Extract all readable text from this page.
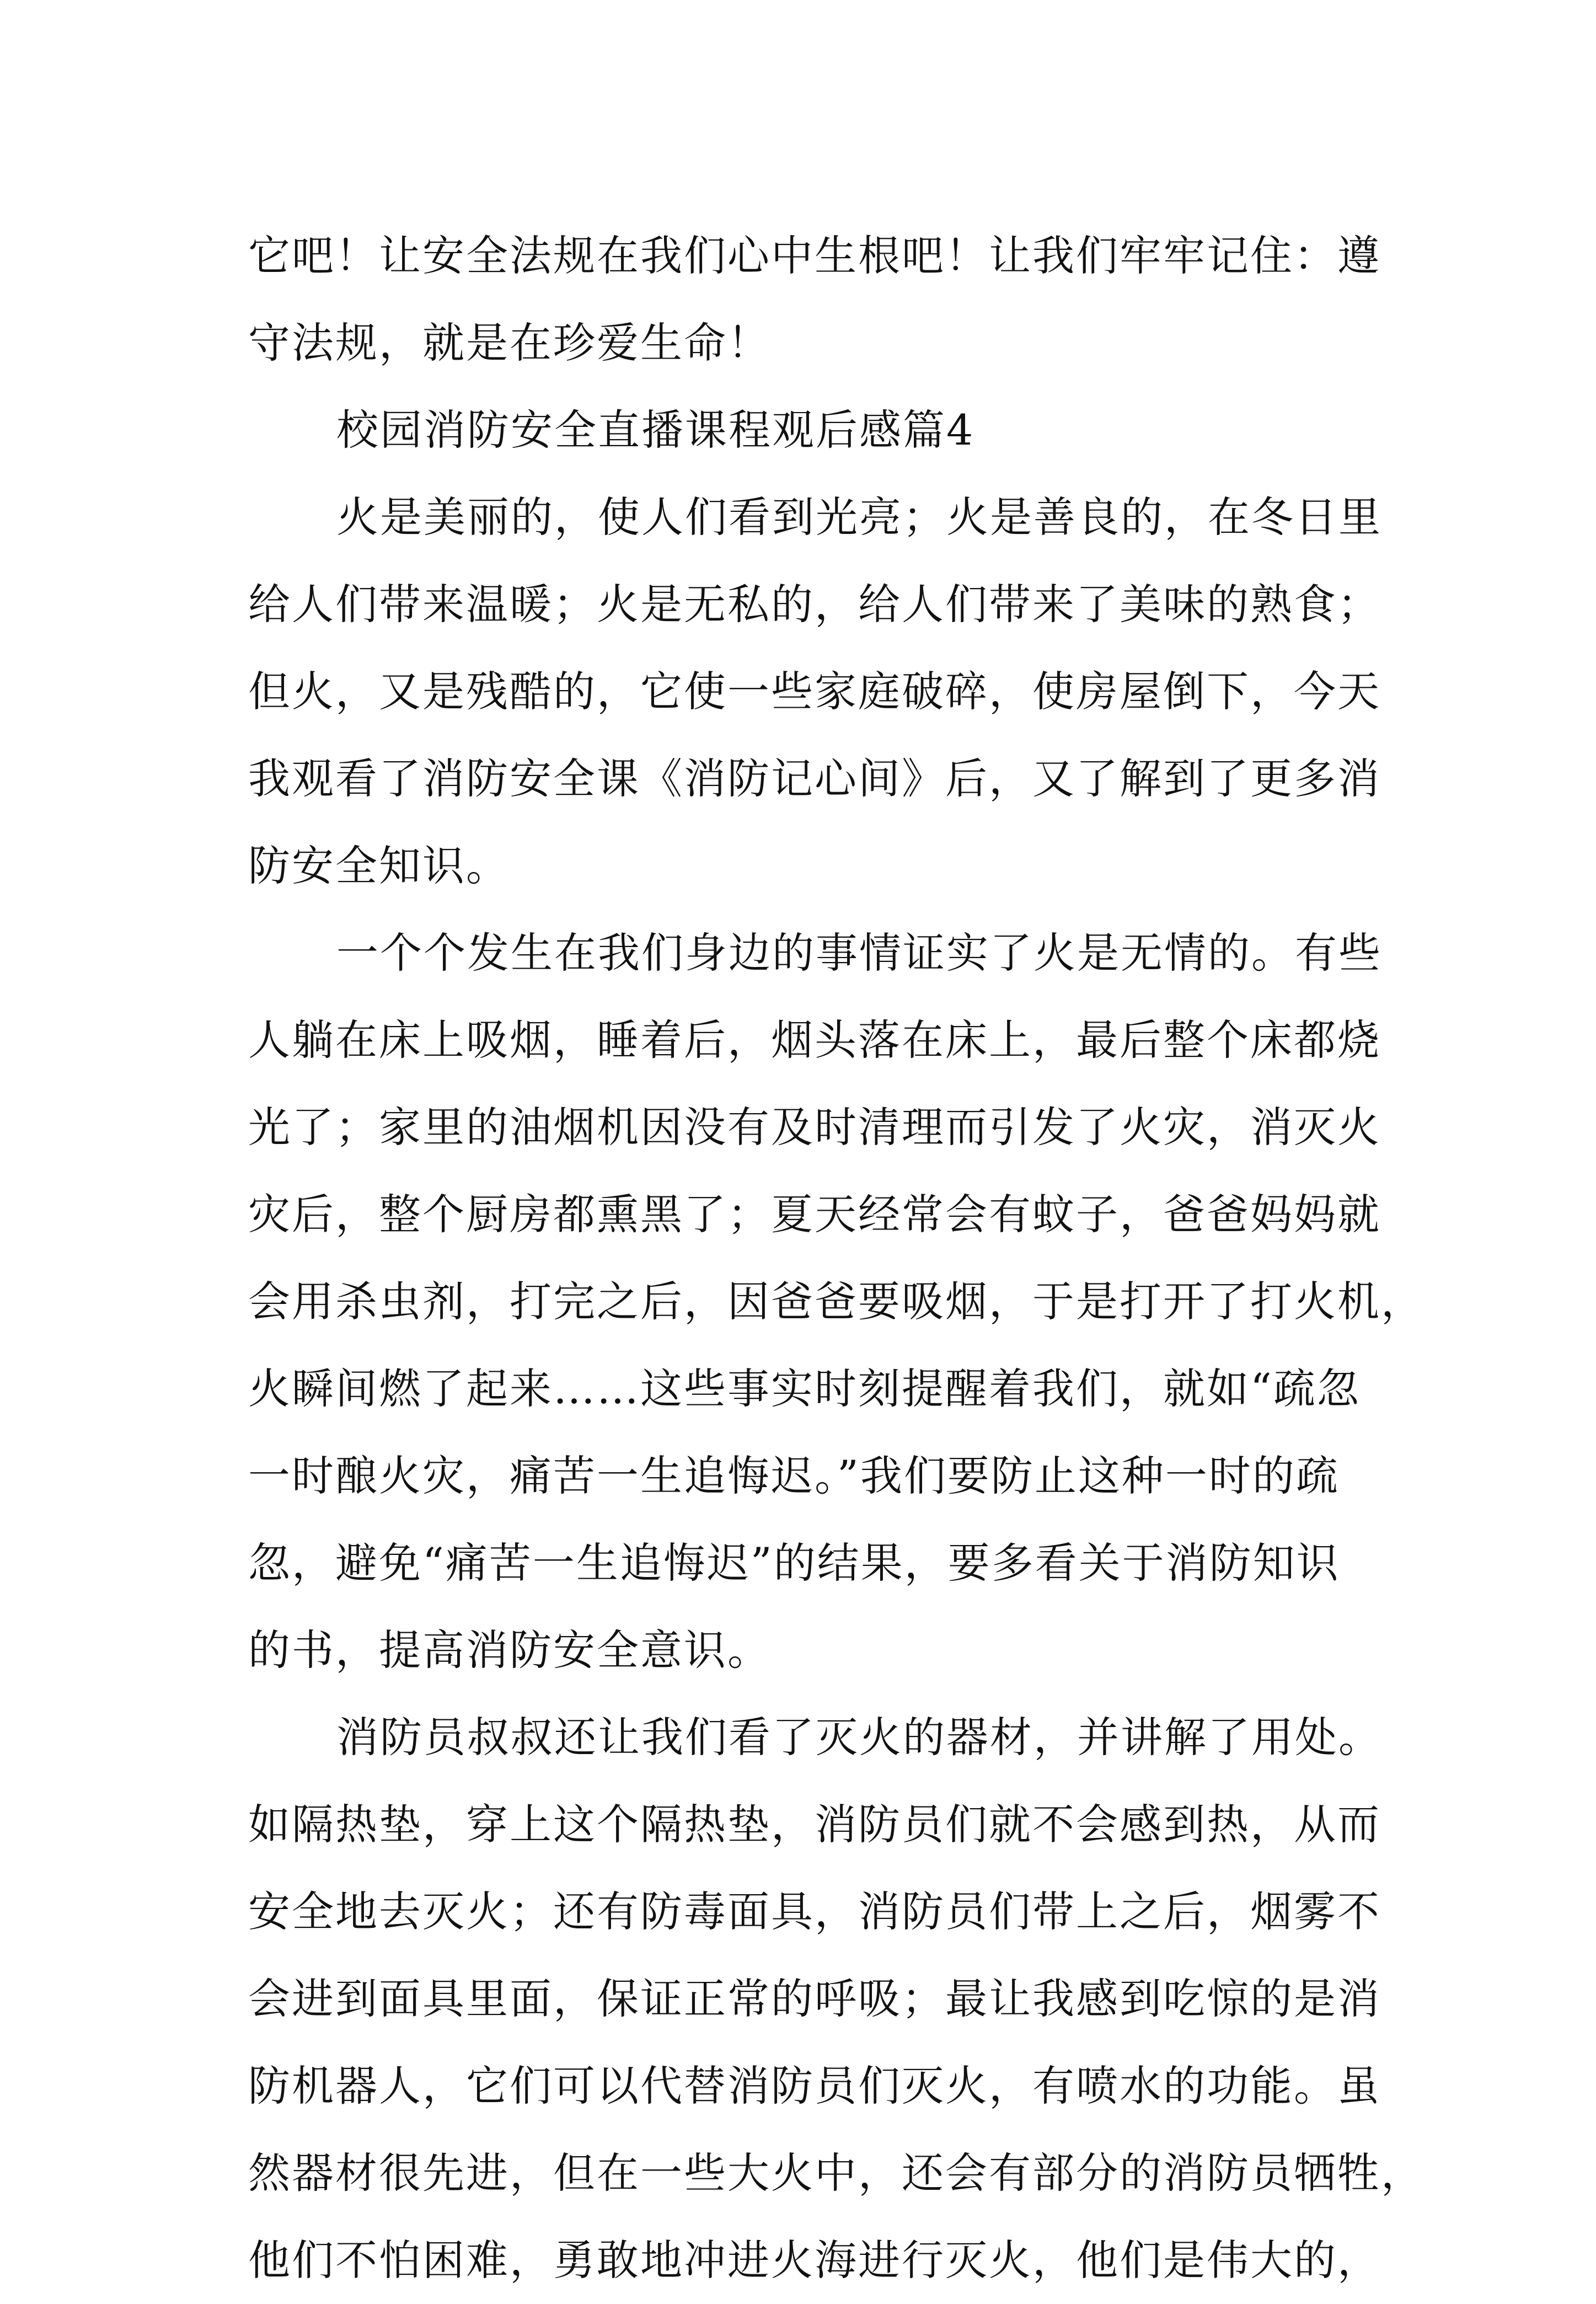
它吧！让安全法规在我们心中生根吧！让我们牢牢记住：遵
守法规，就是在珍爱生命！
校园消防安全直播课程观后感篇4
火是美丽的，使人们看到光亮；火是善良的，在冬日里
给人们带来温暖；火是无私的，给人们带来了美味的熟食；
但火，又是残酷的，它使一些家庭破碎，使房屋倒下，今天
我观看了消防安全课《消防记心间》后，又了解到了更多消
防安全知识。
一个个发生在我们身边的事情证实了火是无情的。有些
人躺在床上吸烟，睡着后，烟头落在床上，最后整个床都烧
光了；家里的油烟机因没有及时清理而引发了火灾，消灭火
灾后，整个厨房都熏黑了；夏天经常会有蚊子，爸爸妈妈就
会用杀虫剂，打完之后，因爸爸要吸烟，于是打开了打火机，
火瞬间燃了起来……这些事实时刻提醒着我们，就如“疏忽
一时酿火灾，痛苦一生追悔迟。”我们要防止这种一时的疏
忽，避免“痛苦一生追悔迟”的结果，要多看关于消防知识
的书，提高消防安全意识。
消防员叔叔还让我们看了灭火的器材，并讲解了用处。
如隔热垫，穿上这个隔热垫，消防员们就不会感到热，从而
安全地去灭火；还有防毒面具，消防员们带上之后，烟雾不
会进到面具里面，保证正常的呼吸；最让我感到吃惊的是消
防机器人，它们可以代替消防员们灭火，有喷水的功能。虽
然器材很先进，但在一些大火中，还会有部分的消防员牺牲，
他们不怕困难，勇敢地冲进火海进行灭火，他们是伟大的，
